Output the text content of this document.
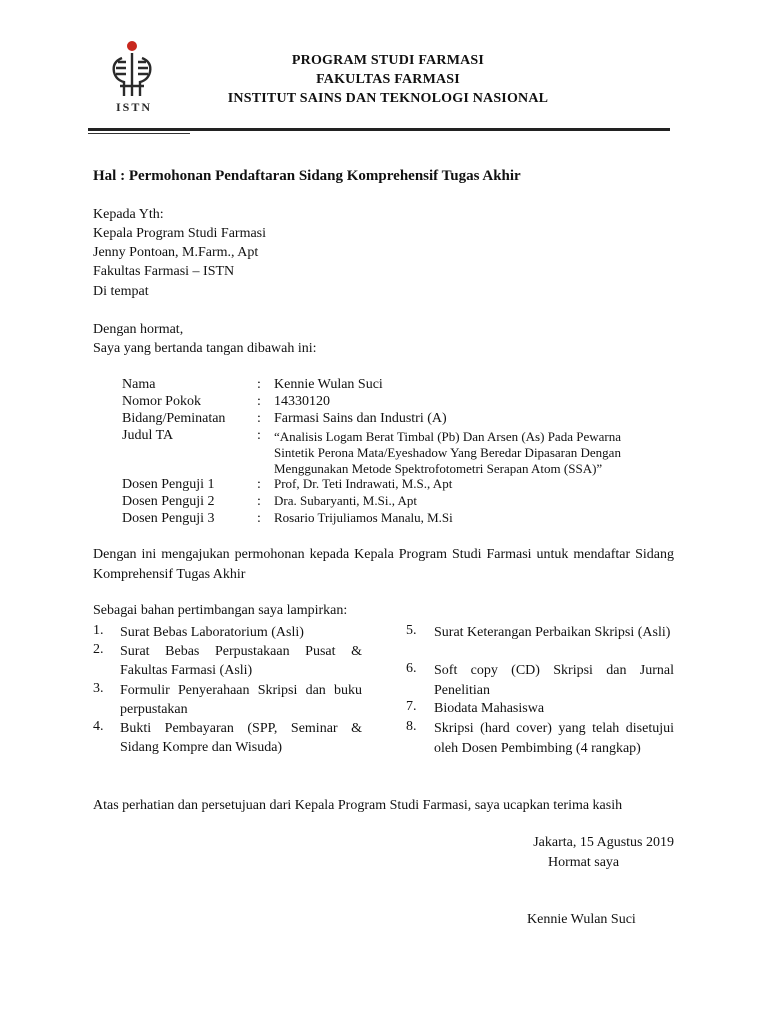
ISTN
PROGRAM STUDI FARMASI
FAKULTAS FARMASI
INSTITUT SAINS DAN TEKNOLOGI NASIONAL
Hal : Permohonan Pendaftaran Sidang Komprehensif Tugas Akhir
Kepada Yth:
Kepala Program Studi Farmasi
Jenny Pontoan, M.Farm., Apt
Fakultas Farmasi – ISTN
Di tempat
Dengan hormat,
Saya yang bertanda tangan dibawah ini:
Nama	: Kennie Wulan Suci
Nomor Pokok	: 14330120
Bidang/Peminatan : Farmasi Sains dan Industri (A)
Judul TA	: “Analisis Logam Berat Timbal (Pb) Dan Arsen (As) Pada Pewarna
Sintetik Perona Mata/Eyeshadow Yang Beredar Dipasaran Dengan
Menggunakan Metode Spektrofotometri Serapan Atom (SSA)”
Dosen Penguji 1	: Prof, Dr. Teti Indrawati, M.S., Apt
Dosen Penguji 2	: Dra. Subaryanti, M.Si., Apt
Dosen Penguji 3	: Rosario Trijuliamos Manalu, M.Si
Dengan ini mengajukan permohonan kepada Kepala Program Studi Farmasi untuk mendaftar Sidang Komprehensif Tugas Akhir
Sebagai bahan pertimbangan saya lampirkan:
1. Surat Bebas Laboratorium (Asli)
2. Surat Bebas Perpustakaan Pusat & Fakultas Farmasi (Asli)
3. Formulir Penyerahaan Skripsi dan buku perpustakan
4. Bukti Pembayaran (SPP, Seminar & Sidang Kompre dan Wisuda)
5. Surat Keterangan Perbaikan Skripsi (Asli)
6. Soft copy (CD) Skripsi dan Jurnal Penelitian
7. Biodata Mahasiswa
8. Skripsi (hard cover) yang telah disetujui oleh Dosen Pembimbing (4 rangkap)
Atas perhatian dan persetujuan dari Kepala Program Studi Farmasi, saya ucapkan terima kasih
Jakarta, 15 Agustus 2019
Hormat saya
Kennie Wulan Suci
